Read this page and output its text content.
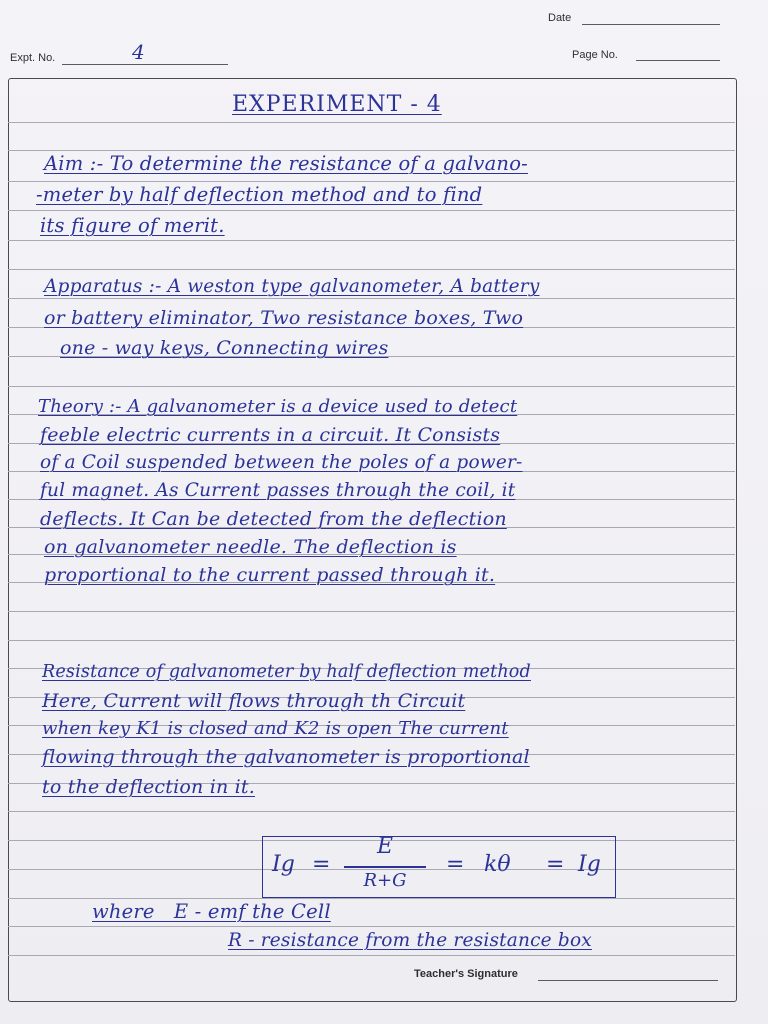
Date
Expt. No.	4	Page No.
EXPERIMENT - 4
Aim :- To determine the resistance of a galvano-
-meter by half deflection method and to find
its figure of merit.
Apparatus :- A weston type galvanometer, A battery
or battery eliminator, Two resistance boxes, Two
one - way keys, Connecting wires
Theory :- A galvanometer is a device used to detect
feeble electric currents in a circuit. It Consists
of a Coil suspended between the poles of a power-
ful magnet. As Current passes through the coil, it
deflects. It Can be detected from the deflection
on galvanometer needle. The deflection is
proportional to the current passed through it.
Resistance of galvanometer by half deflection method
Here, Current will flows through th Circuit
when key K1 is closed and K2 is open The current
flowing through the galvanometer is proportional
to the deflection in it.
Ig =
E
R+G
= kθ = Ig
where   E - emf the Cell
R - resistance from the resistance box
Teacher's Signature
